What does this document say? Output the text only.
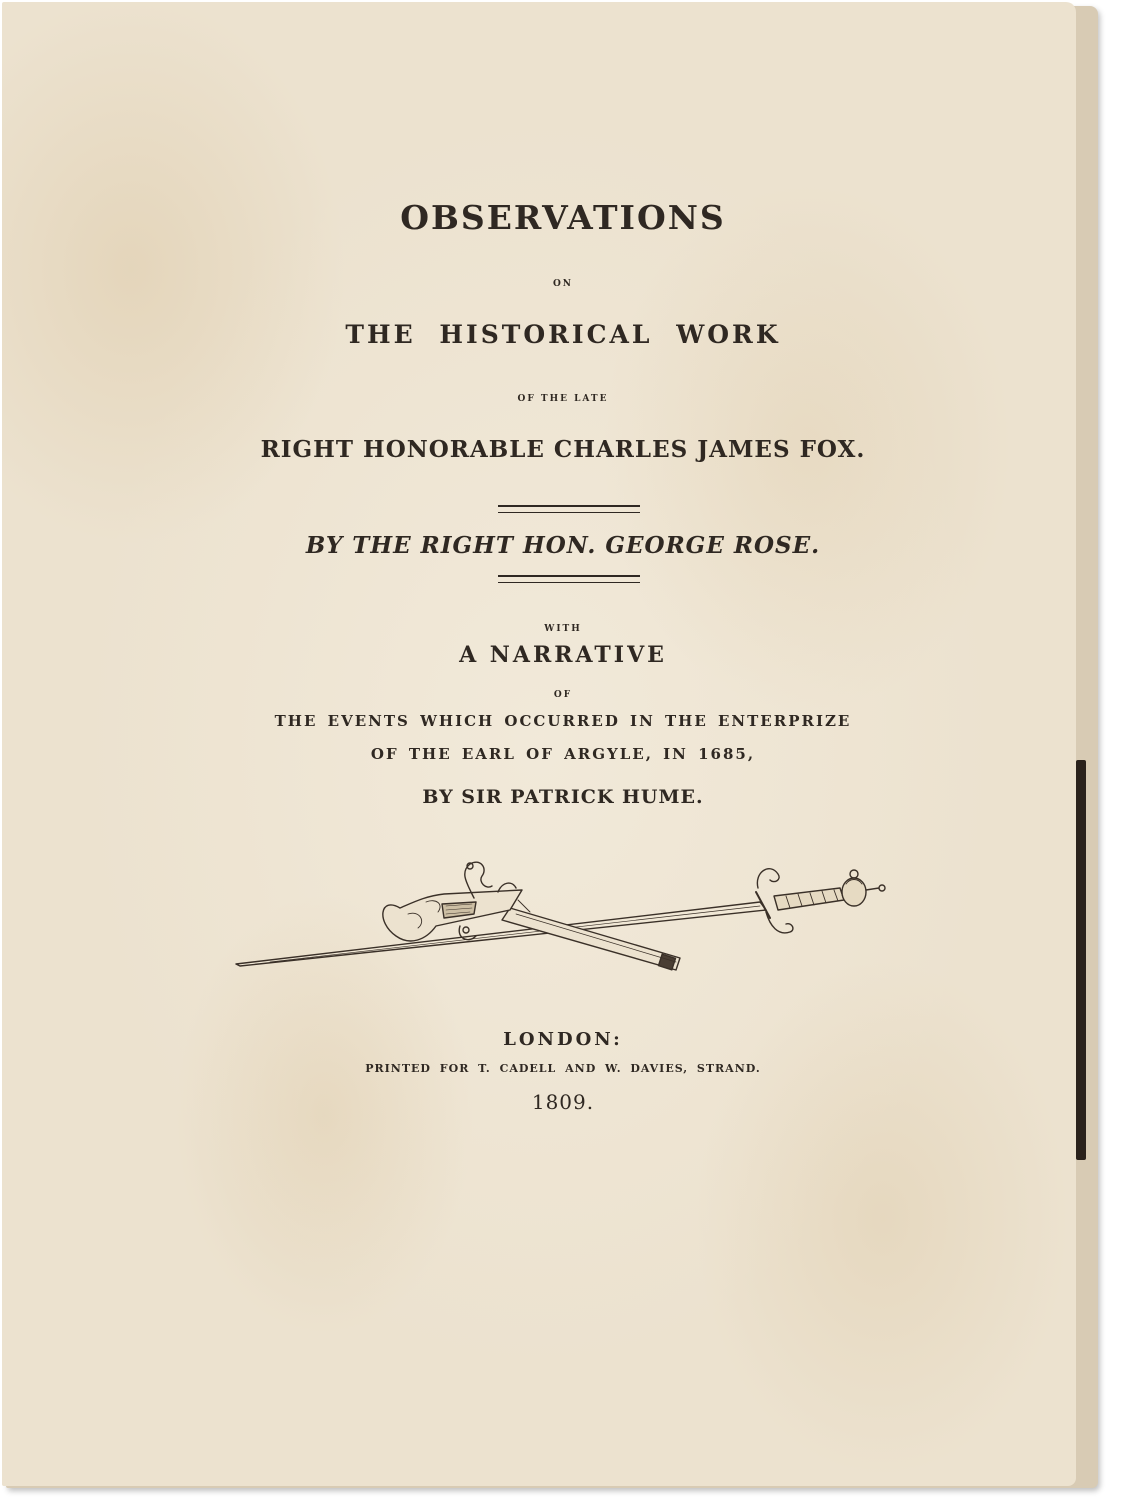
OBSERVATIONS
ON
THE HISTORICAL WORK
OF THE LATE
RIGHT HONORABLE CHARLES JAMES FOX.
BY THE RIGHT HON. GEORGE ROSE.
WITH
A NARRATIVE
OF
THE EVENTS WHICH OCCURRED IN THE ENTERPRIZE
OF THE EARL OF ARGYLE, IN 1685,
BY SIR PATRICK HUME.
LONDON:
PRINTED FOR T. CADELL AND W. DAVIES, STRAND.
1809.
